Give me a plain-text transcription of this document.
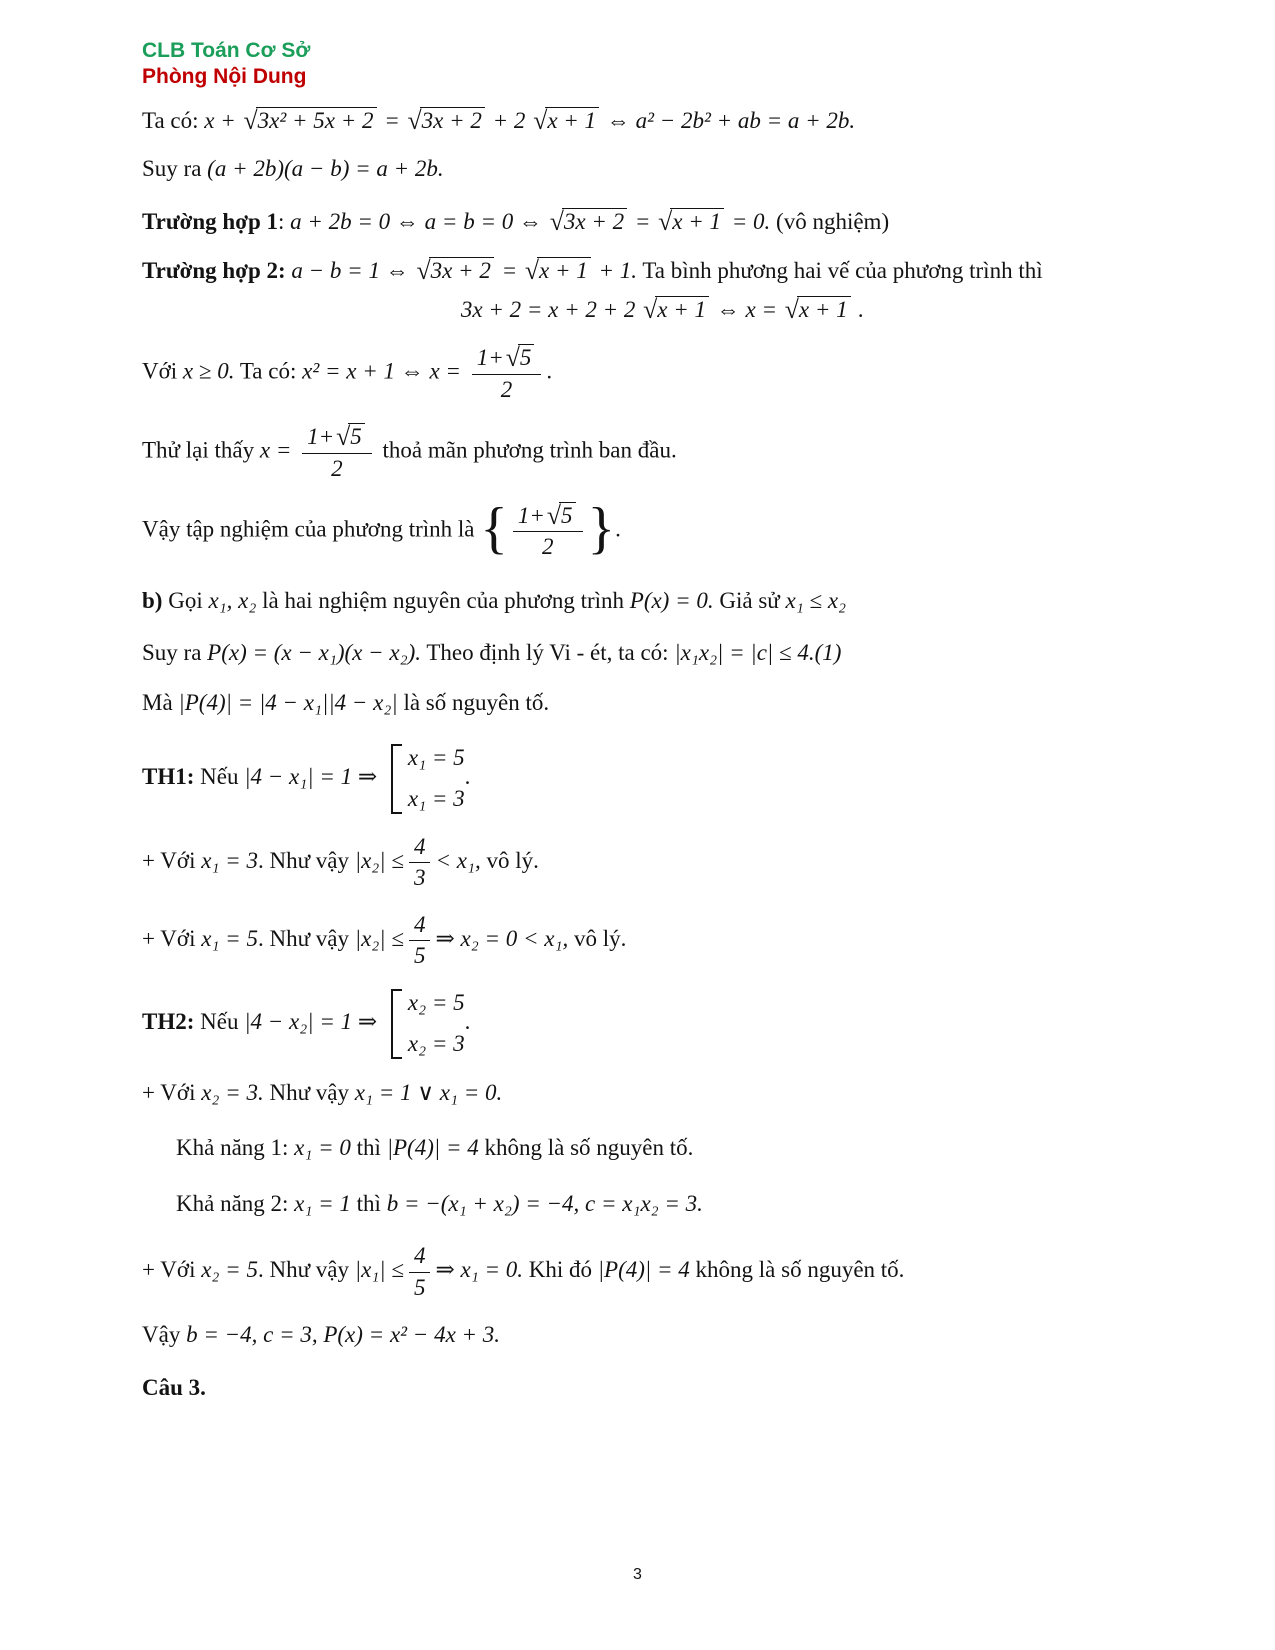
CLB Toán Cơ Sở
Phòng Nội Dung

Ta có: x + √3x² + 5x + 2 = √3x + 2 + 2 √x + 1 ⇔ a² − 2b² + ab = a + 2b.

Suy ra (a + 2b)(a − b) = a + 2b.

Trường hợp 1: a + 2b = 0 ⇔ a = b = 0 ⇔ √3x + 2 = √x + 1 = 0. (vô nghiệm)

Trường hợp 2: a − b = 1 ⇔ √3x + 2 = √x + 1 + 1. Ta bình phương hai vế của phương trình thì

3x + 2 = x + 2 + 2 √x + 1 ⇔ x = √x + 1 .

Với x ≥ 0. Ta có: x² = x + 1 ⇔ $x = \frac{1+√5}{2}$ .

Thử lại thấy $x = \frac{1+√5}{2}$ thoả mãn phương trình ban đầu.

Vậy tập nghiệm của phương trình là { $\frac{1+√5}{2}$ }.

b) Gọi x₁, x₂ là hai nghiệm nguyên của phương trình P(x) = 0. Giả sử x₁ ≤ x₂

Suy ra P(x) = (x − x₁)(x − x₂). Theo định lý Vi - ét, ta có: |x₁x₂| = |c| ≤ 4.(1)

Mà |P(4)| = |4 − x₁||4 − x₂| là số nguyên tố.

TH1: Nếu |4 − x₁| = 1 ⇒
x₁ = 5
x₁ = 3
.

+ Với x₁ = 3. Như vậy $|x_2| \le \frac{4}{3} < x_1$, vô lý.

+ Với x₁ = 5. Như vậy $|x_2| \le \frac{4}{5}$ ⇒ x₂ = 0 < x₁, vô lý.

TH2: Nếu |4 − x₂| = 1 ⇒
x₂ = 5
x₂ = 3
.

+ Với x₂ = 3. Như vậy x₁ = 1 ∨ x₁ = 0.

Khả năng 1: x₁ = 0 thì |P(4)| = 4 không là số nguyên tố.

Khả năng 2: x₁ = 1 thì b = −(x₁ + x₂) = −4, c = x₁x₂ = 3.

+ Với x₂ = 5. Như vậy $|x_1| \le \frac{4}{5}$ ⇒ x₁ = 0. Khi đó |P(4)| = 4 không là số nguyên tố.

Vậy b = −4, c = 3, P(x) = x² − 4x + 3.

Câu 3.

3
